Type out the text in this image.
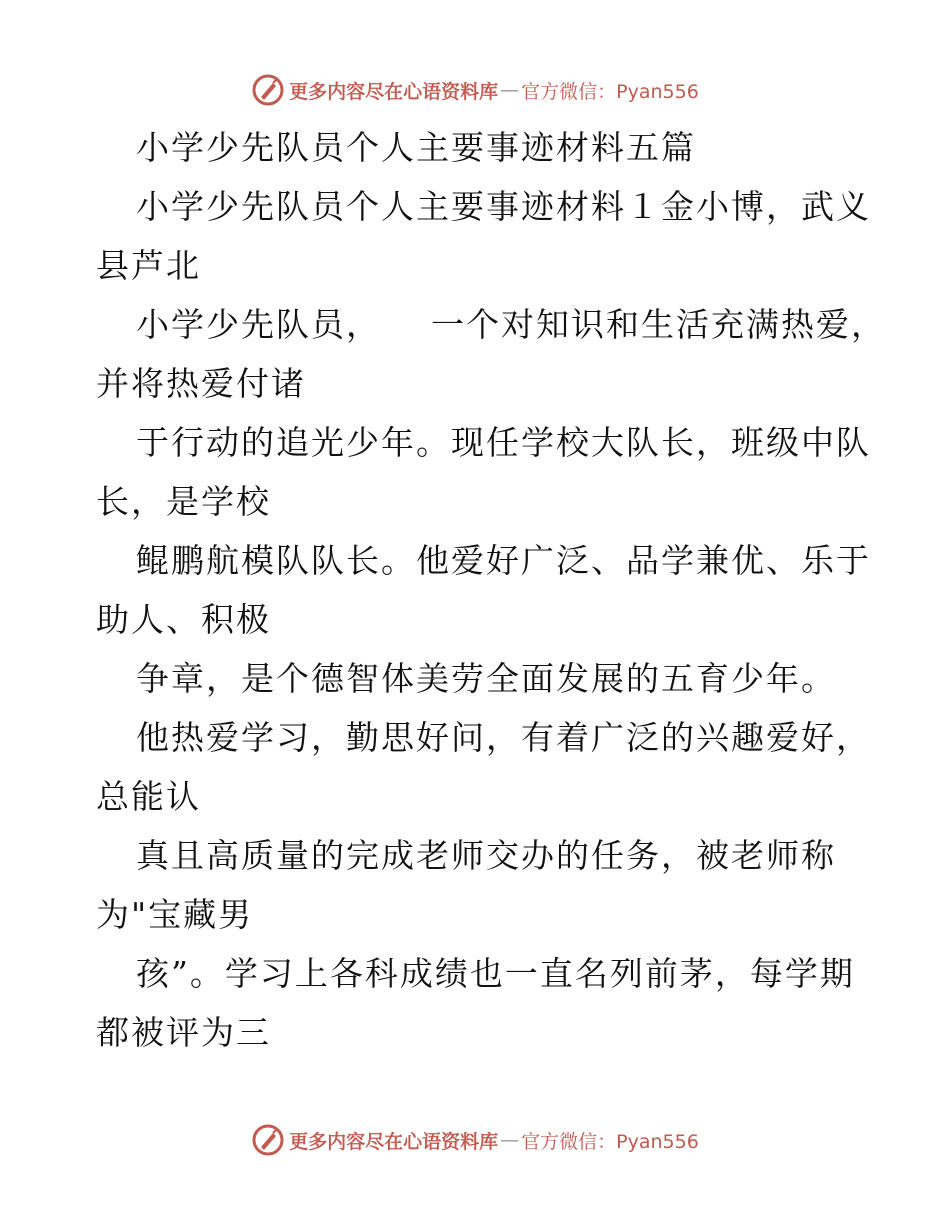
更多内容尽在心语资料库 — 官方微信：Pyan556
小学少先队员个人主要事迹材料五篇
小学少先队员个人主要事迹材料１金小博，武义
县芦北
小学少先队员，    一个对知识和生活充满热爱，
并将热爱付诸
于行动的追光少年。现任学校大队长，班级中队
长，是学校
鲲鹏航模队队长。他爱好广泛、品学兼优、乐于
助人、积极
争章，是个德智体美劳全面发展的五育少年。
他热爱学习，勤思好问，有着广泛的兴趣爱好，
总能认
真且高质量的完成老师交办的任务，被老师称
为"宝藏男
孩”。学习上各科成绩也一直名列前茅，每学期
都被评为三
更多内容尽在心语资料库 — 官方微信：Pyan556
